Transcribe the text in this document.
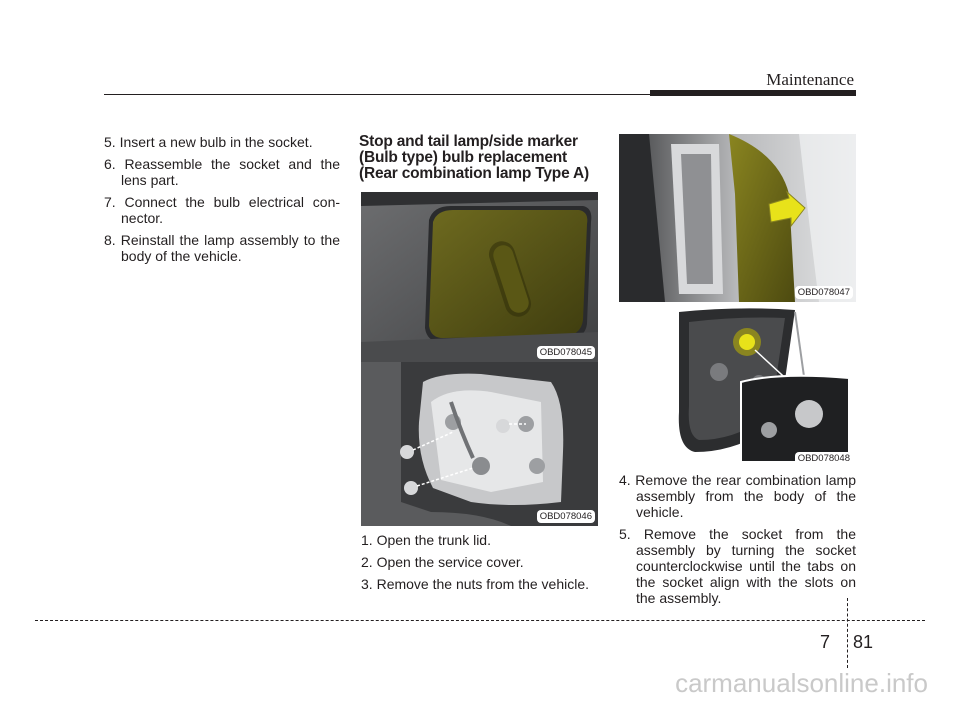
Maintenance
5. Insert a new bulb in the socket.
6. Reassemble the socket and the lens part.
7. Connect the bulb electrical con- nector.
8. Reinstall the lamp assembly to the body of the vehicle.
Stop and tail lamp/side marker
(Bulb type) bulb replacement
(Rear combination lamp Type A)
OBD078045
OBD078046
1. Open the trunk lid.
2. Open the service cover.
3. Remove the nuts from the vehicle.
OBD078047
OBD078048
4. Remove the rear combination lamp assembly from the body of the vehicle.
5. Remove the socket from the assembly by turning the socket counterclockwise until the tabs on the socket align with the slots on the assembly.
7 81
carmanualsonline.info
